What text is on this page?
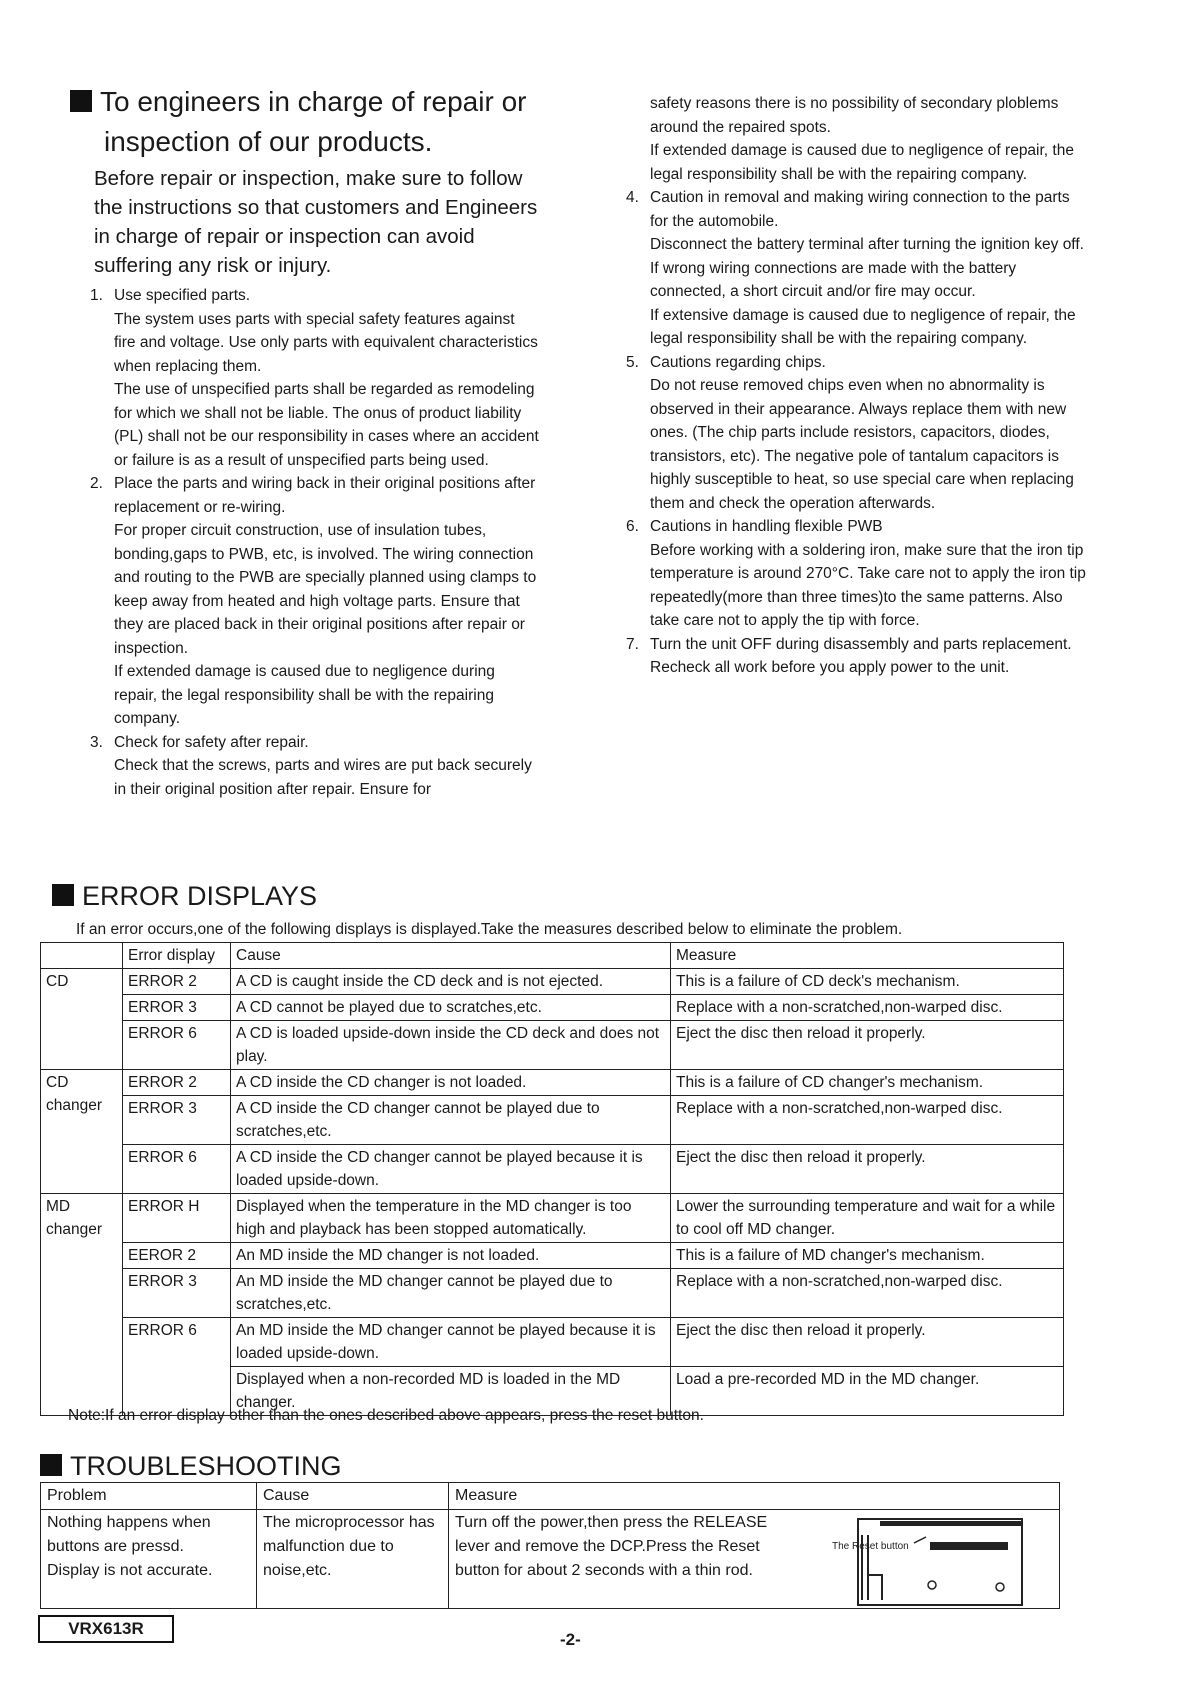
To engineers in charge of repair or
inspection of our products.
Before repair or inspection, make sure to follow the instructions so that customers and Engineers in charge of repair or inspection can avoid suffering any risk or injury.
1. Use specified parts.

The system uses parts with special safety features against fire and voltage. Use only parts with equivalent characteristics when replacing them.

The use of unspecified parts shall be regarded as remodeling for which we shall not be liable. The onus of product liability (PL) shall not be our responsibility in cases where an accident or failure is as a result of unspecified parts being used.

2. Place the parts and wiring back in their original positions after replacement or re-wiring.

For proper circuit construction, use of insulation tubes, bonding,gaps to PWB, etc, is involved. The wiring connection and routing to the PWB are specially planned using clamps to keep away from heated and high voltage parts. Ensure that they are placed back in their original positions after repair or inspection.

If extended damage is caused due to negligence during repair, the legal responsibility shall be with the repairing company.

3. Check for safety after repair.

Check that the screws, parts and wires are put back securely in their original position after repair. Ensure for

safety reasons there is no possibility of secondary ploblems around the repaired spots.

If extended damage is caused due to negligence of repair, the legal responsibility shall be with the repairing company.

4. Caution in removal and making wiring connection to the parts for the automobile.

Disconnect the battery terminal after turning the ignition key off. If wrong wiring connections are made with the battery connected, a short circuit and/or fire may occur.

If extensive damage is caused due to negligence of repair, the legal responsibility shall be with the repairing company.

5. Cautions regarding chips.

Do not reuse removed chips even when no abnormality is observed in their appearance. Always replace them with new ones. (The chip parts include resistors, capacitors, diodes, transistors, etc). The negative pole of tantalum capacitors is highly susceptible to heat, so use special care when replacing them and check the operation afterwards.

6. Cautions in handling flexible PWB

Before working with a soldering iron, make sure that the iron tip temperature is around 270°C. Take care not to apply the iron tip repeatedly(more than three times)to the same patterns. Also take care not to apply the tip with force.

7. Turn the unit OFF during disassembly and parts replacement. Recheck all work before you apply power to the unit.

ERROR DISPLAYS
If an error occurs,one of the following displays is displayed.Take the measures described below to eliminate the problem.
	Error display	Cause	Measure
CD	ERROR 2	A CD is caught inside the CD deck and is not ejected.	This is a failure of CD deck's mechanism.
	ERROR 3	A CD cannot be played due to scratches,etc.	Replace with a non-scratched,non-warped disc.
	ERROR 6	A CD is loaded upside-down inside the CD deck and does not play.	Eject the disc then reload it properly.
CD changer	ERROR 2	A CD inside the CD changer is not loaded.	This is a failure of CD changer's mechanism.
	ERROR 3	A CD inside the CD changer cannot be played due to scratches,etc.	Replace with a non-scratched,non-warped disc.
	ERROR 6	A CD inside the CD changer cannot be played because it is loaded upside-down.	Eject the disc then reload it properly.
MD changer	ERROR H	Displayed when the temperature in the MD changer is too high and playback has been stopped automatically.	Lower the surrounding temperature and wait for a while to cool off MD changer.
	EEROR 2	An MD inside the MD changer is not loaded.	This is a failure of MD changer's mechanism.
	ERROR 3	An MD inside the MD changer cannot be played due to scratches,etc.	Replace with a non-scratched,non-warped disc.
	ERROR 6	An MD inside the MD changer cannot be played because it is loaded upside-down.	Eject the disc then reload it properly.
		Displayed when a non-recorded MD is loaded in the MD changer.	Load a pre-recorded MD in the MD changer.
Note:If an error display other than the ones described above appears, press the reset button.
TROUBLESHOOTING
Problem	Cause	Measure	

Nothing happens when buttons are pressd.
Display is not accurate.	The microprocessor has malfunction due to noise,etc.	Turn off the power,then press the RELEASE lever and remove the DCP.Press the Reset button for about 2 seconds with a thin rod.	
The Reset button
VRX613R
-2-
